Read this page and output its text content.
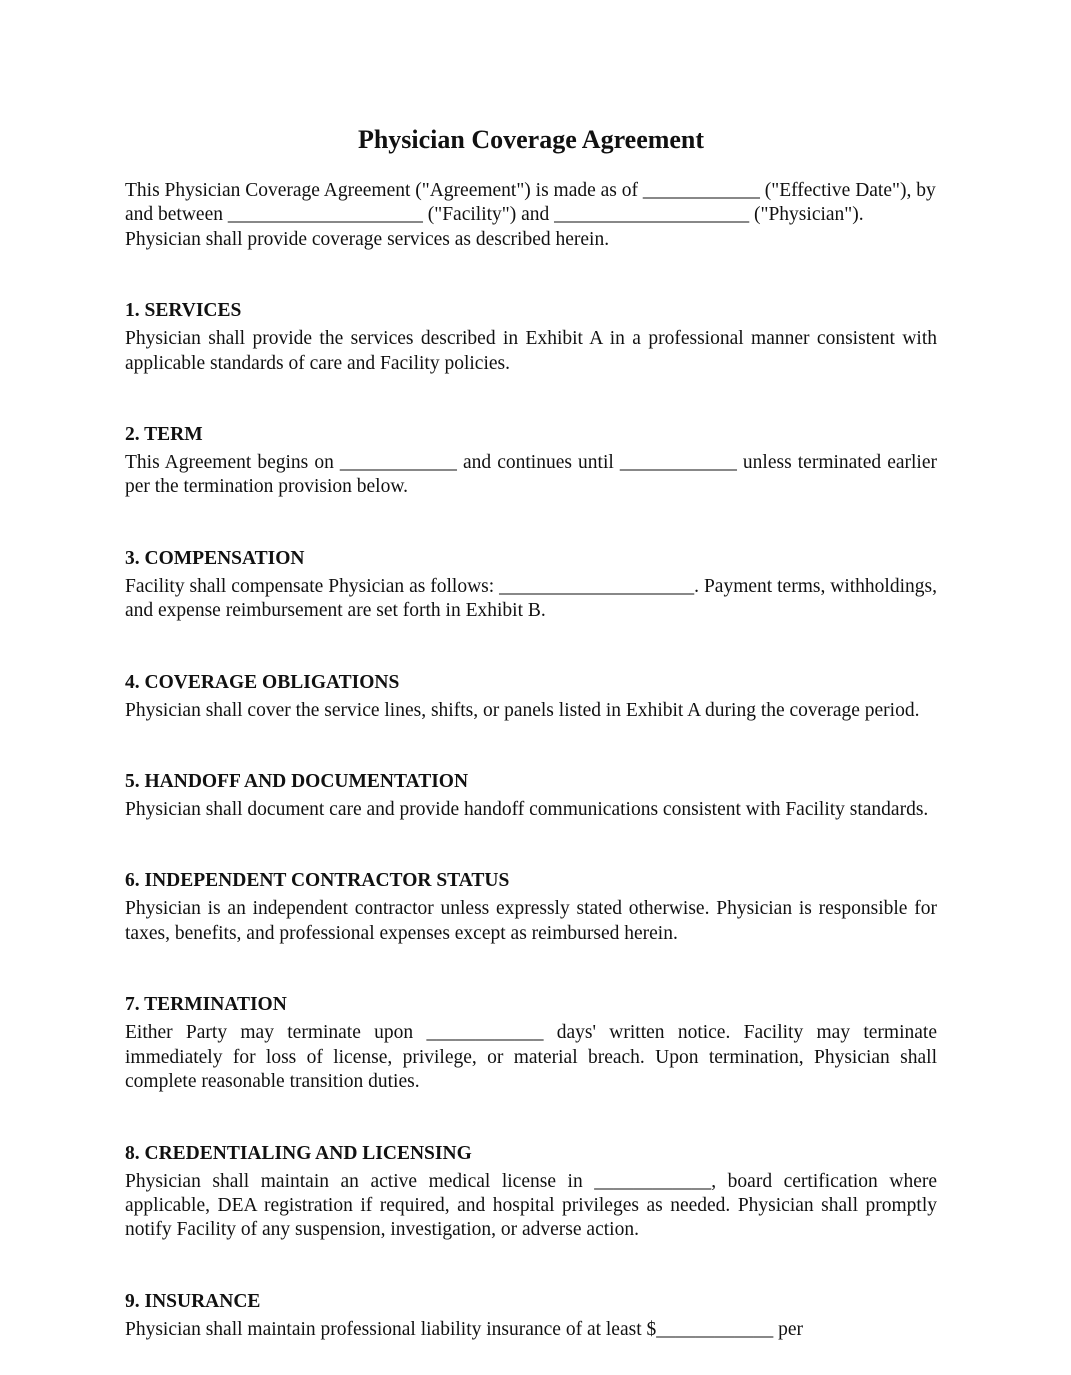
Physician Coverage Agreement

This Physician Coverage Agreement ("Agreement") is made as of ____________ ("Effective Date"), by and between ____________________ ("Facility") and ____________________ ("Physician"). Physician shall provide coverage services as described herein.

1. SERVICES

Physician shall provide the services described in Exhibit A in a professional manner consistent with applicable standards of care and Facility policies.

2. TERM

This Agreement begins on ____________ and continues until ____________ unless terminated earlier per the termination provision below.

3. COMPENSATION

Facility shall compensate Physician as follows: ____________________. Payment terms, withholdings, and expense reimbursement are set forth in Exhibit B.

4. COVERAGE OBLIGATIONS

Physician shall cover the service lines, shifts, or panels listed in Exhibit A during the coverage period.

5. HANDOFF AND DOCUMENTATION

Physician shall document care and provide handoff communications consistent with Facility standards.

6. INDEPENDENT CONTRACTOR STATUS

Physician is an independent contractor unless expressly stated otherwise. Physician is responsible for taxes, benefits, and professional expenses except as reimbursed herein.

7. TERMINATION

Either Party may terminate upon ____________ days' written notice. Facility may terminate immediately for loss of license, privilege, or material breach. Upon termination, Physician shall complete reasonable transition duties.

8. CREDENTIALING AND LICENSING

Physician shall maintain an active medical license in ____________, board certification where applicable, DEA registration if required, and hospital privileges as needed. Physician shall promptly notify Facility of any suspension, investigation, or adverse action.

9. INSURANCE

Physician shall maintain professional liability insurance of at least $____________ per
